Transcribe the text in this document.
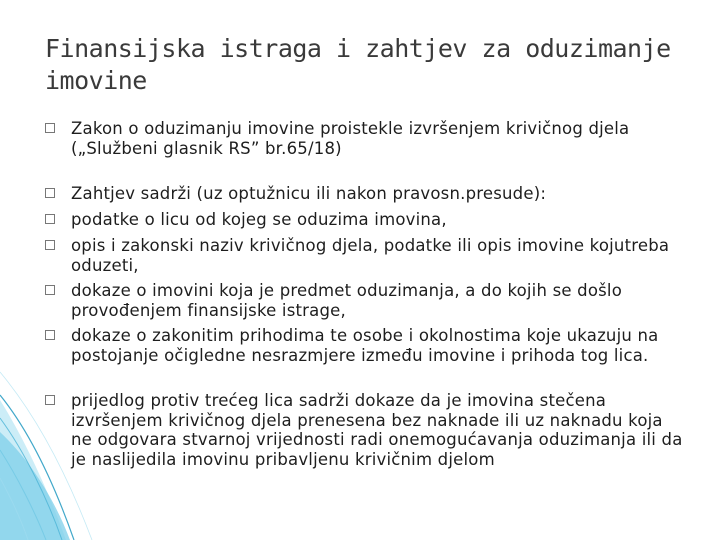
Finansijska istraga i zahtjev za oduzimanje imovine
Zakon o oduzimanju imovine proistekle izvršenjem krivičnog djela („Službeni glasnik RS” br.65/18)
Zahtjev sadrži (uz optužnicu ili nakon pravosn.presude):
podatke o licu od kojeg se oduzima imovina,
opis i zakonski naziv krivičnog djela, podatke ili opis imovine kojutreba oduzeti,
dokaze o imovini koja je predmet oduzimanja, a do kojih se došlo provođenjem finansijske istrage,
dokaze o zakonitim prihodima te osobe i okolnostima koje ukazuju na postojanje očigledne nesrazmjere između imovine i prihoda tog lica.
prijedlog protiv trećeg lica sadrži dokaze da je imovina stečena izvršenjem krivičnog djela prenesena bez naknade ili uz naknadu koja ne odgovara stvarnoj vrijednosti radi onemogućavanja oduzimanja ili da je naslijedila imovinu pribavljenu krivičnim djelom
